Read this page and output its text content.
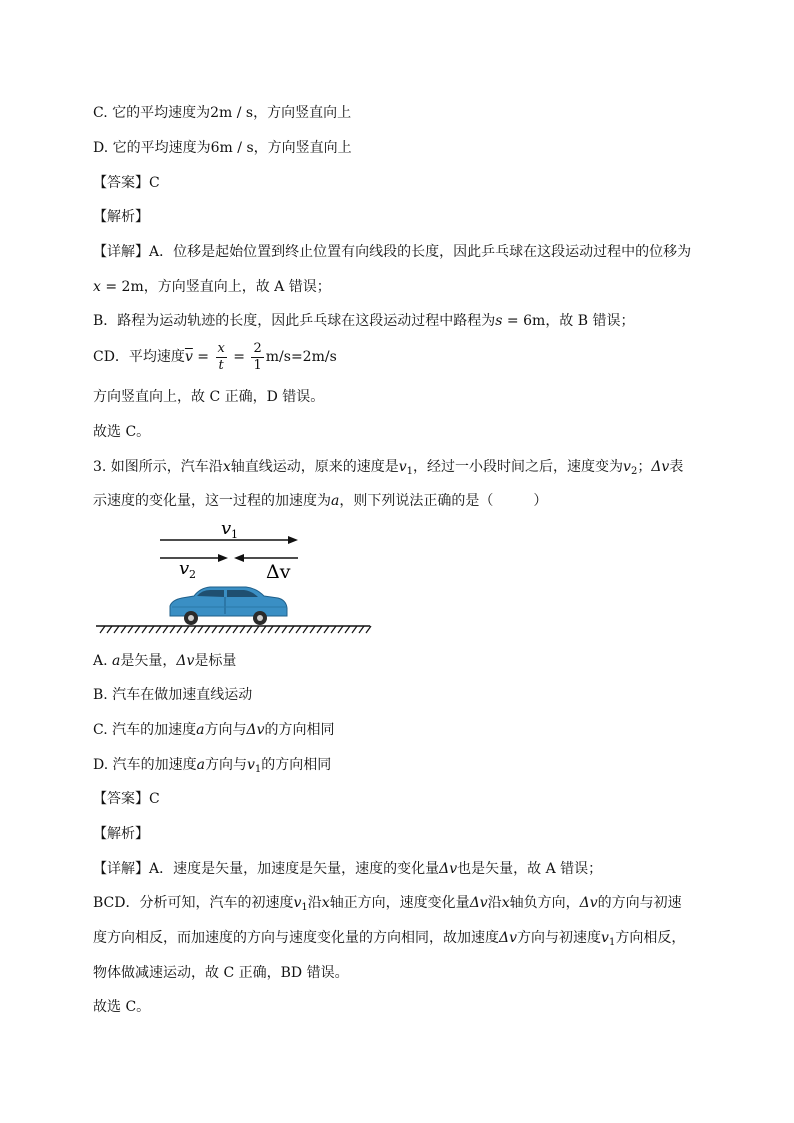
C. 它的平均速度为2m / s，方向竖直向上
D. 它的平均速度为6m / s，方向竖直向上
【答案】C
【解析】
【详解】A．位移是起始位置到终止位置有向线段的长度，因此乒乓球在这段运动过程中的位移为
x = 2m，方向竖直向上，故 A 错误；
B．路程为运动轨迹的长度，因此乒乓球在这段运动过程中路程为s = 6m，故 B 错误；
CD．平均速度$\overline{v} = \frac{x}{t} = \frac{2}{1} m/s=2m/s$
方向竖直向上，故 C 正确，D 错误。
故选 C。
3. 如图所示，汽车沿x轴直线运动，原来的速度是$v_1$，经过一小段时间之后，速度变为$v_2$；Δv表
示速度的变化量，这一过程的加速度为a，则下列说法正确的是（	）
v 1
v 2	Δv
A. a是矢量，Δv是标量
B. 汽车在做加速直线运动
C. 汽车的加速度a方向与Δv的方向相同
D. 汽车的加速度a方向与$v_1$的方向相同
【答案】C
【解析】
【详解】A．速度是矢量，加速度是矢量，速度的变化量Δv也是矢量，故 A 错误；
BCD．分析可知，汽车的初速度$v_1$沿x轴正方向，速度变化量Δv沿x轴负方向，Δv的方向与初速
度方向相反，而加速度的方向与速度变化量的方向相同，故加速度Δv方向与初速度$v_1$方向相反，
物体做减速运动，故 C 正确，BD 错误。
故选 C。
